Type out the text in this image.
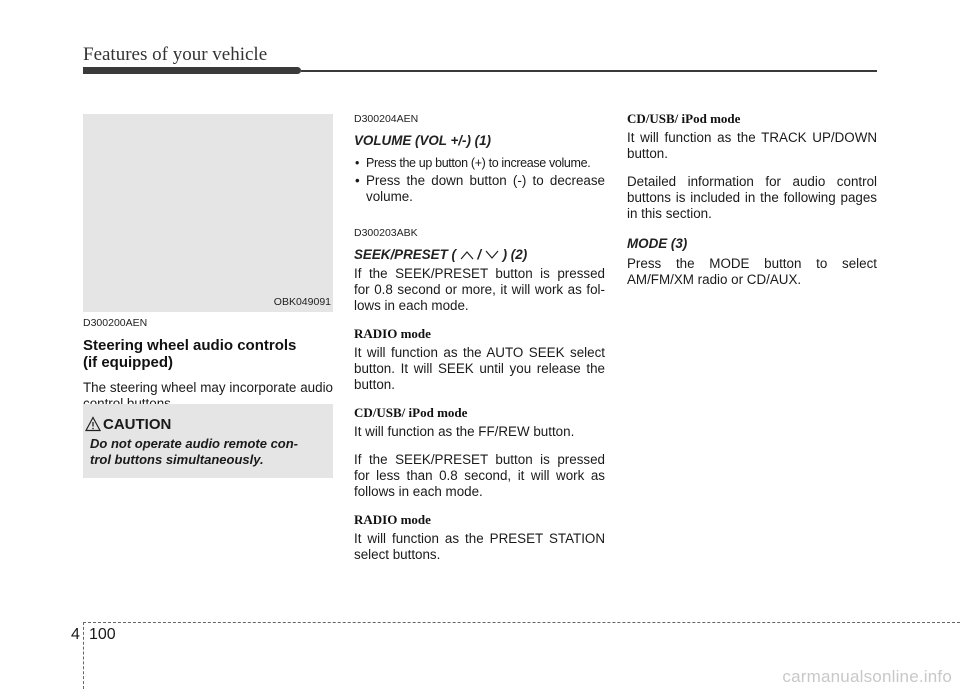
Features of your vehicle
OBK049091
D300200AEN
Steering wheel audio controls
(if equipped)

The steering wheel may incorporate audio

CAUTION
Do not operate audio remote con-
trol buttons simultaneously.
D300204AEN
VOLUME (VOL +/-) (1)
• Press the up button (+) to increase volume.
• Press the down button (-) to decrease volume.
D300203ABK
SEEK/PRESET ( / ) (2)

If the SEEK/PRESET button is pressed for 0.8 second or more, it will work as fol-lows in each mode.

RADIO mode

It will function as the AUTO SEEK select button. It will SEEK until you release the button.

CD/USB/ iPod mode

It will function as the FF/REW button.

If the SEEK/PRESET button is pressed for less than 0.8 second, it will work as follows in each mode.

RADIO mode

It will function as the PRESET STATION select buttons.

CD/USB/ iPod mode

It will function as the TRACK UP/DOWN button.

Detailed information for audio control buttons is included in the following pages in this section.

MODE (3)

Press the MODE button to select AM/FM/XM radio or CD/AUX.

4 100
carmanualsonline.info
